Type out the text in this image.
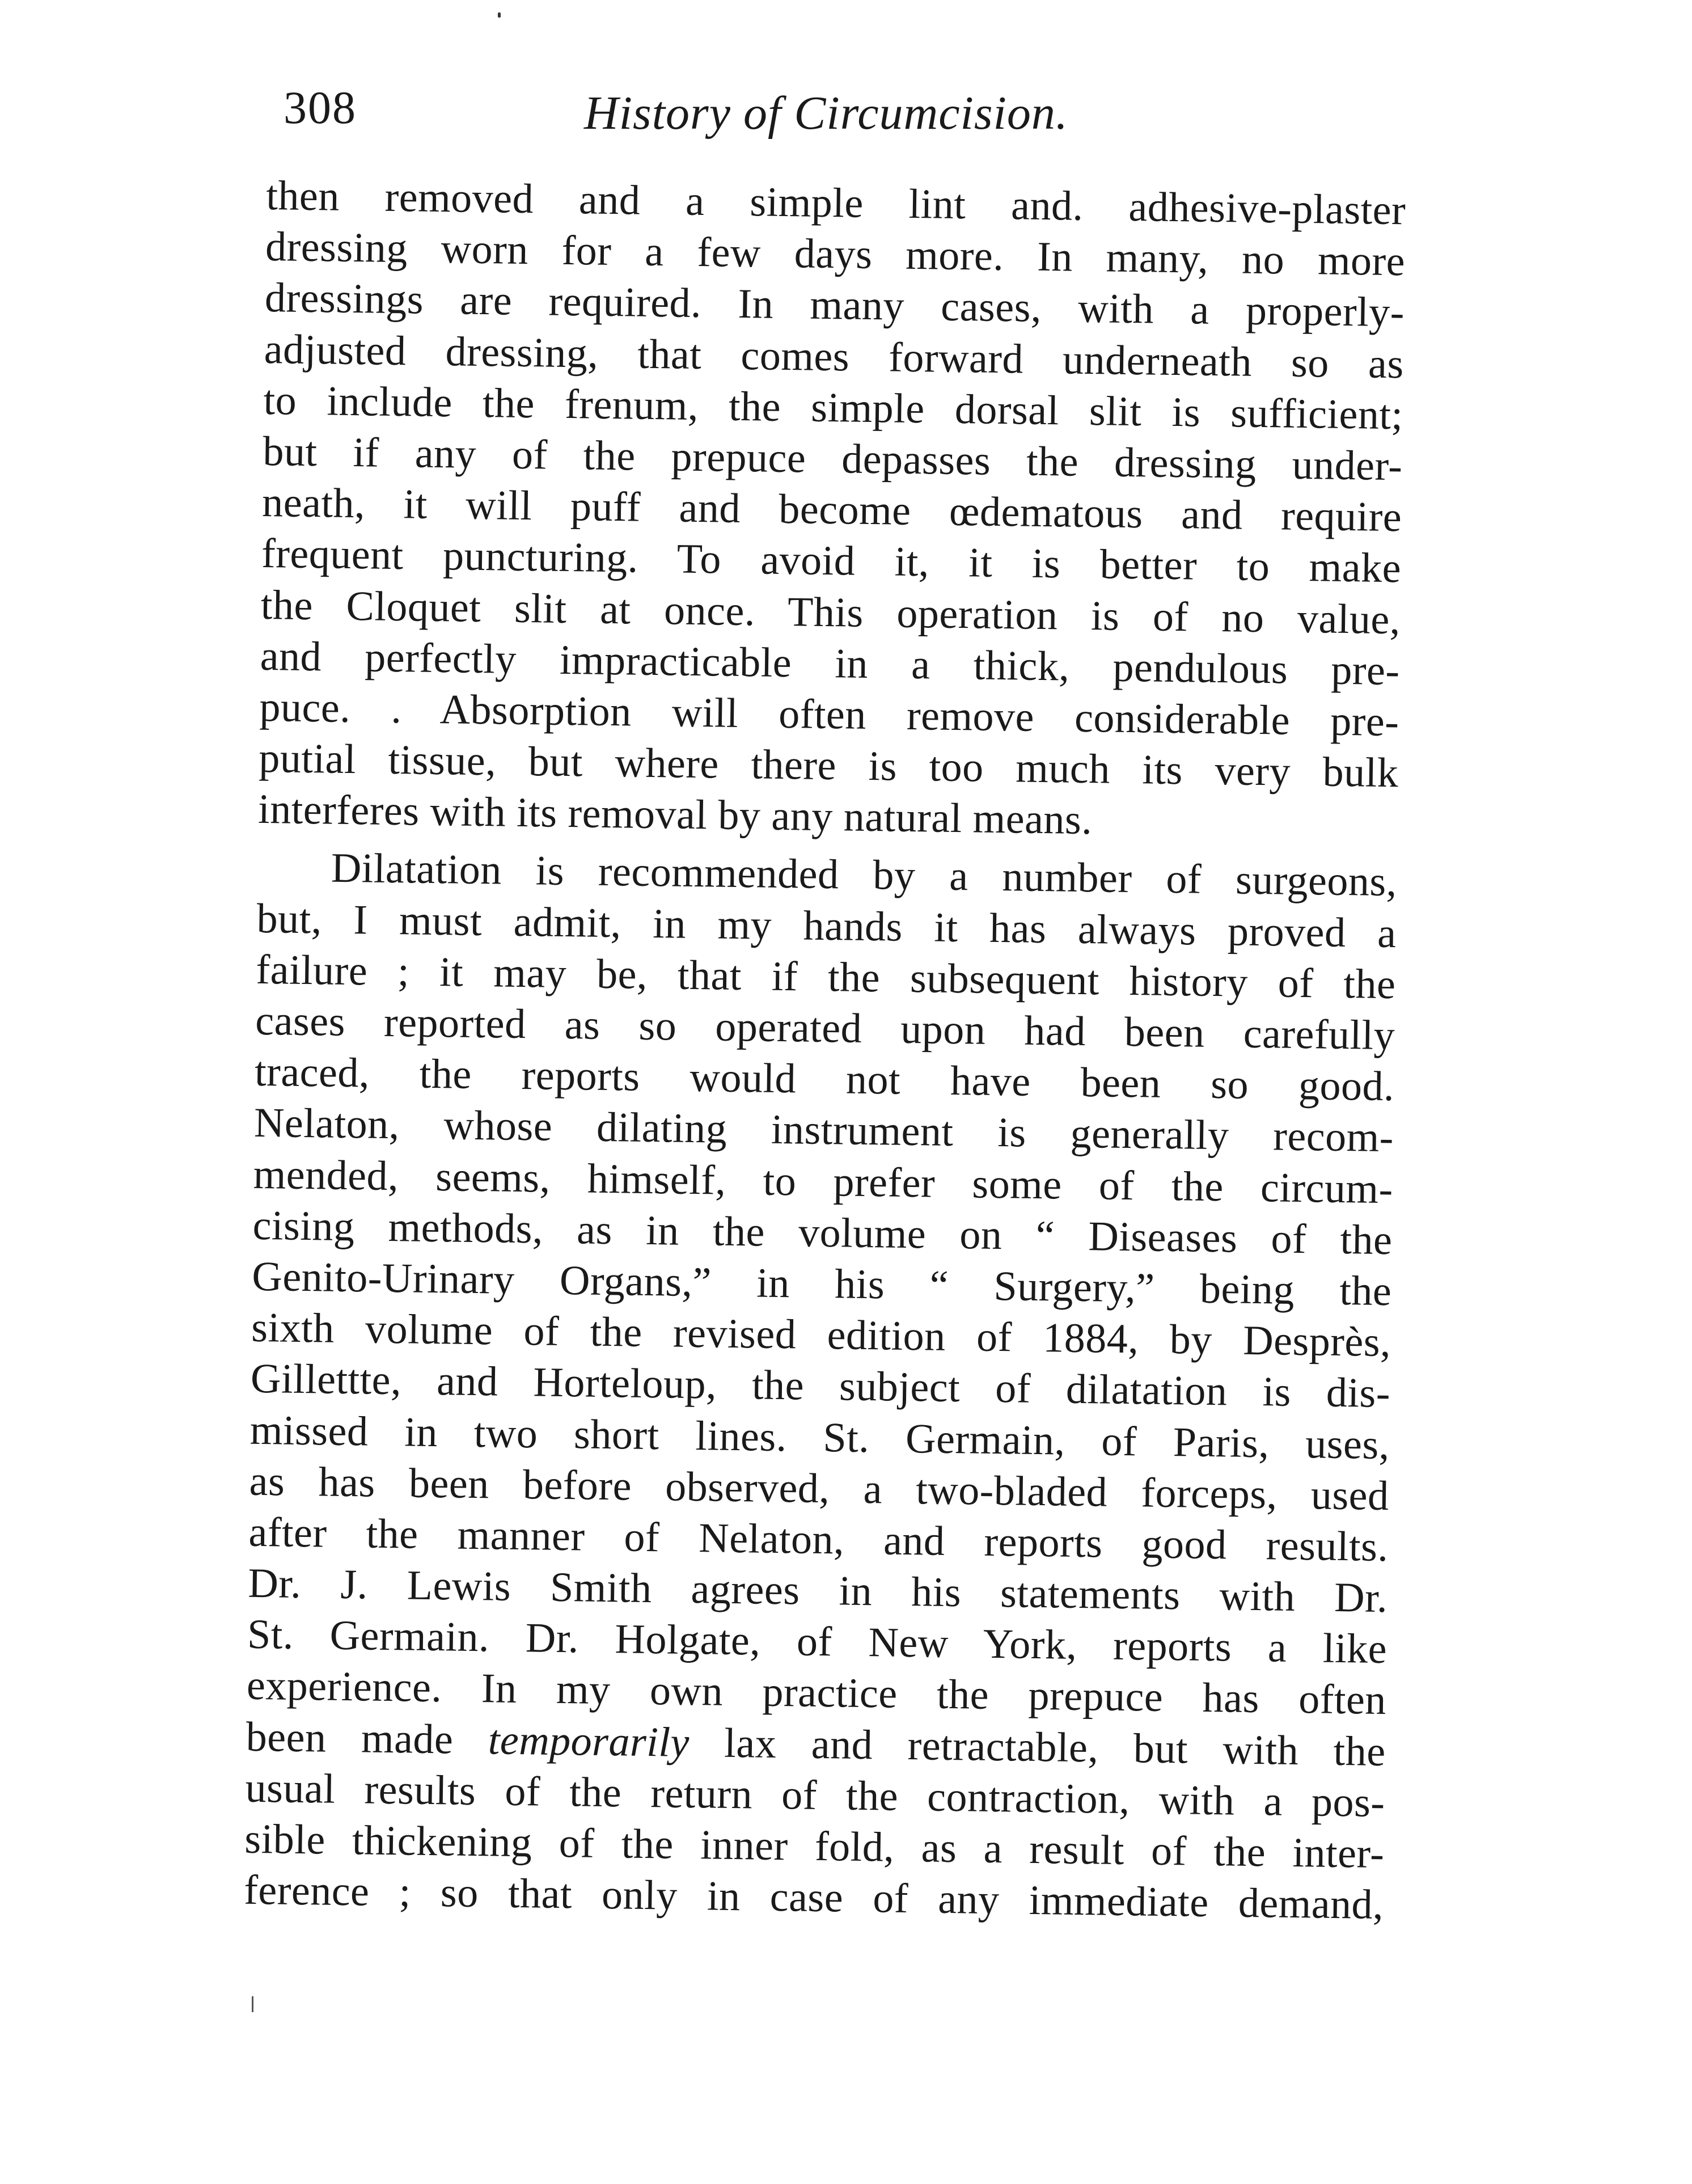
308	History of Circumcision.
then removed and a simple lint and. adhesive-plaster
dressing worn for a few days more. In many, no more
dressings are required. In many cases, with a properly-
adjusted dressing, that comes forward underneath so as
to include the frenum, the simple dorsal slit is sufficient;
but if any of the prepuce depasses the dressing under-
neath, it will puff and become œdematous and require
frequent puncturing. To avoid it, it is better to make
the Cloquet slit at once. This operation is of no value,
and perfectly impracticable in a thick, pendulous pre-
puce. . Absorption will often remove considerable pre-
putial tissue, but where there is too much its very bulk
interferes with its removal by any natural means.
Dilatation is recommended by a number of surgeons,
but, I must admit, in my hands it has always proved a
failure ; it may be, that if the subsequent history of the
cases reported as so operated upon had been carefully
traced, the reports would not have been so good.
Nelaton, whose dilating instrument is generally recom-
mended, seems, himself, to prefer some of the circum-
cising methods, as in the volume on “ Diseases of the
Genito-Urinary Organs,” in his “ Surgery,” being the
sixth volume of the revised edition of 1884, by Desprès,
Gillettte, and Horteloup, the subject of dilatation is dis-
missed in two short lines. St. Germain, of Paris, uses,
as has been before observed, a two-bladed forceps, used
after the manner of Nelaton, and reports good results.
Dr. J. Lewis Smith agrees in his statements with Dr.
St. Germain. Dr. Holgate, of New York, reports a like
experience. In my own practice the prepuce has often
been made temporarily lax and retractable, but with the
usual results of the return of the contraction, with a pos-
sible thickening of the inner fold, as a result of the inter-
ference ; so that only in case of any immediate demand,
